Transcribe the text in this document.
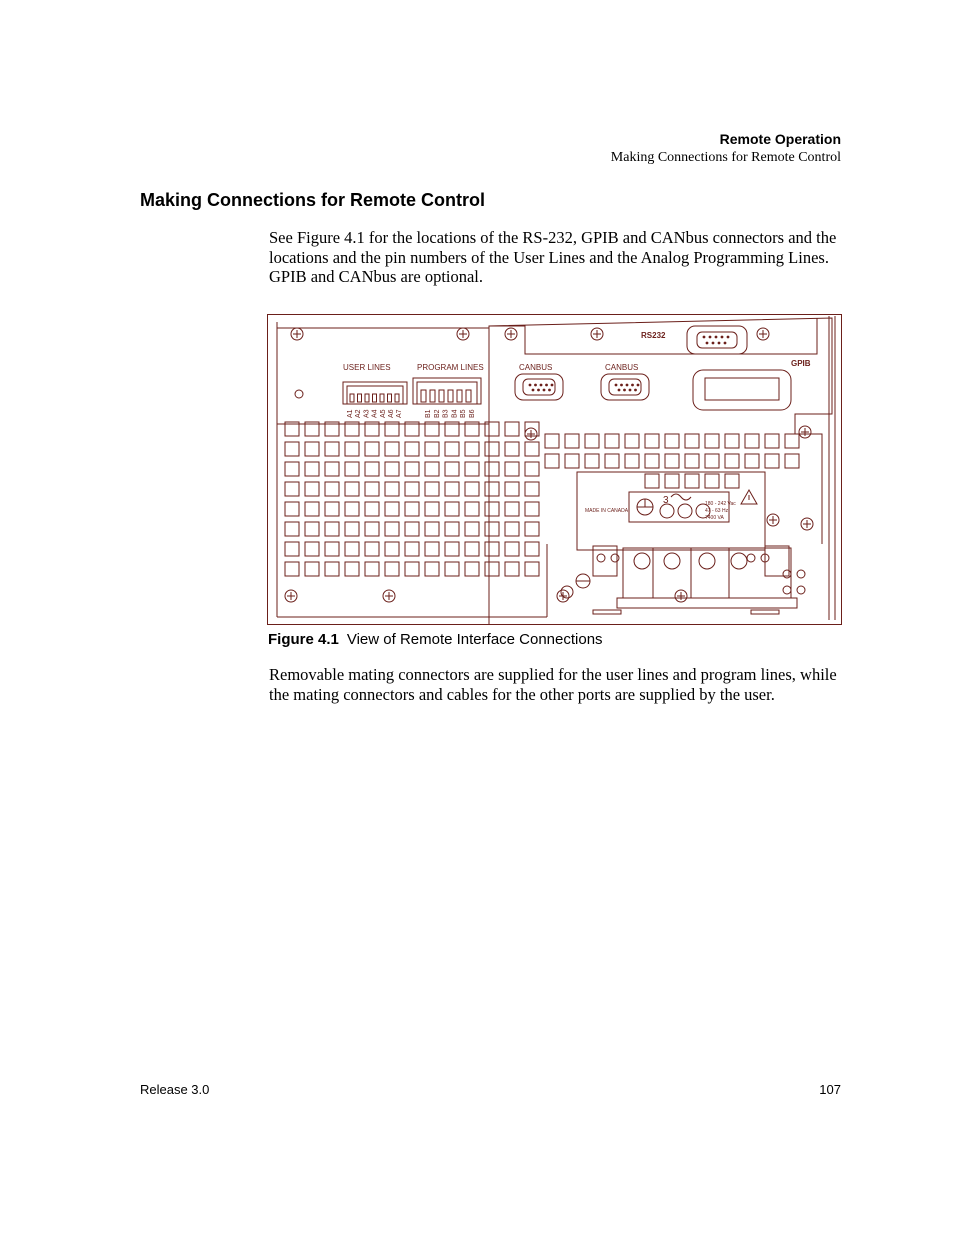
Remote Operation
Making Connections for Remote Control
Making Connections for Remote Control

See Figure 4.1 for the locations of the RS-232, GPIB and CANbus connectors and the locations and the pin numbers of the User Lines and the Analog Programming Lines. GPIB and CANbus are optional.

USER LINES	PROGRAM LINES	CANBUS	CANBUS
RS232
GPIB
MADE IN CANADA
3	180 - 242 Vac
47 - 63 Hz
7400 VA
A1 A2 A3 A4 A5 A6 A7	B1 B2 B3 B4 B5 B6
Figure 4.1 View of Remote Interface Connections

Removable mating connectors are supplied for the user lines and program lines, while the mating connectors and cables for the other ports are supplied by the user.

Release 3.0	107
